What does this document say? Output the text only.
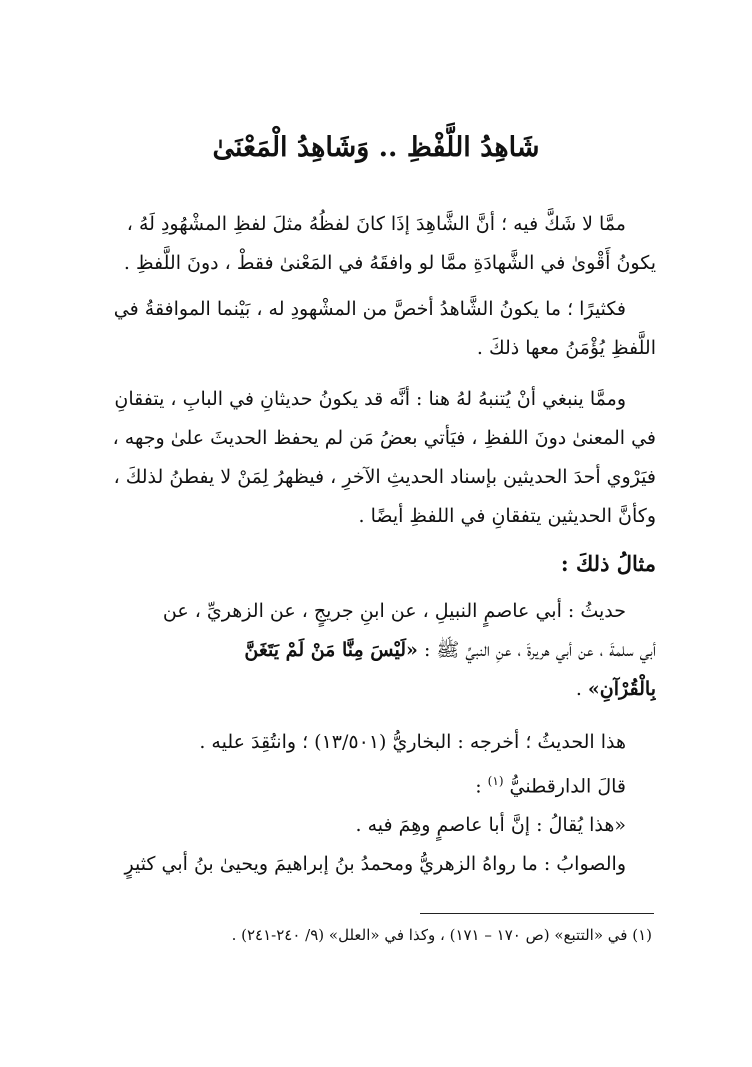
شَاهِدُ اللَّفْظِ .. وَشَاهِدُ الْمَعْنَىٰ
ممَّا لا شَكَّ فيه ؛ أنَّ الشَّاهِدَ إذَا كانَ لفظُهُ مثلَ لفظِ المشْهُودِ لَهُ ،
يكونُ أَقْوىٰ في الشَّهادَةِ ممَّا لو وافقَهُ في المَعْنىٰ فقطْ ، دونَ اللَّفظِ .
فكثيرًا ؛ ما يكونُ الشَّاهدُ أخصَّ من المشْهودِ له ، بَيْنما الموافقةُ في
اللَّفظِ يُؤْمَنُ معها ذلكَ .
وممَّا ينبغي أنْ يُتنبهُ لهُ هنا : أنَّه قد يكونُ حديثانِ في البابِ ، يتفقانِ
في المعنىٰ دونَ اللفظِ ، فيَأتي بعضُ مَن لم يحفظ الحديثَ علىٰ وجهه ،
فيَرْوي أحدَ الحديثين بإسناد الحديثِ الآخرِ ، فيظهرُ لِمَنْ لا يفطنُ لذلكَ ،
وكأنَّ الحديثين يتفقانِ في اللفظِ أيضًا .
مثالُ ذلكَ :
حديثُ : أبي عاصمٍ النبيلِ ، عن ابنِ جريجٍ ، عن الزهريِّ ، عن
أبي سلمةَ ، عن أبي هريرةَ ، عنِ النبيِّ ﷺ : «لَيْسَ مِنَّا مَنْ لَمْ يَتَغَنَّ
بِالْقُرْآنِ» .
هذا الحديثُ ؛ أخرجه : البخاريُّ (١٣/٥٠١) ؛ وانتُقِدَ عليه .
قالَ الدارقطنيُّ $^{(١)}$ :
«هذا يُقالُ : إنَّ أبا عاصمٍ وهِمَ فيه .
والصوابُ : ما رواهُ الزهريُّ ومحمدُ بنُ إبراهيمَ ويحيىٰ بنُ أبي كثيرٍ
(١) في «التتبع» (ص ١٧٠ – ١٧١) ، وكذا في «العلل» (٩/ ٢٤٠-٢٤١) .
